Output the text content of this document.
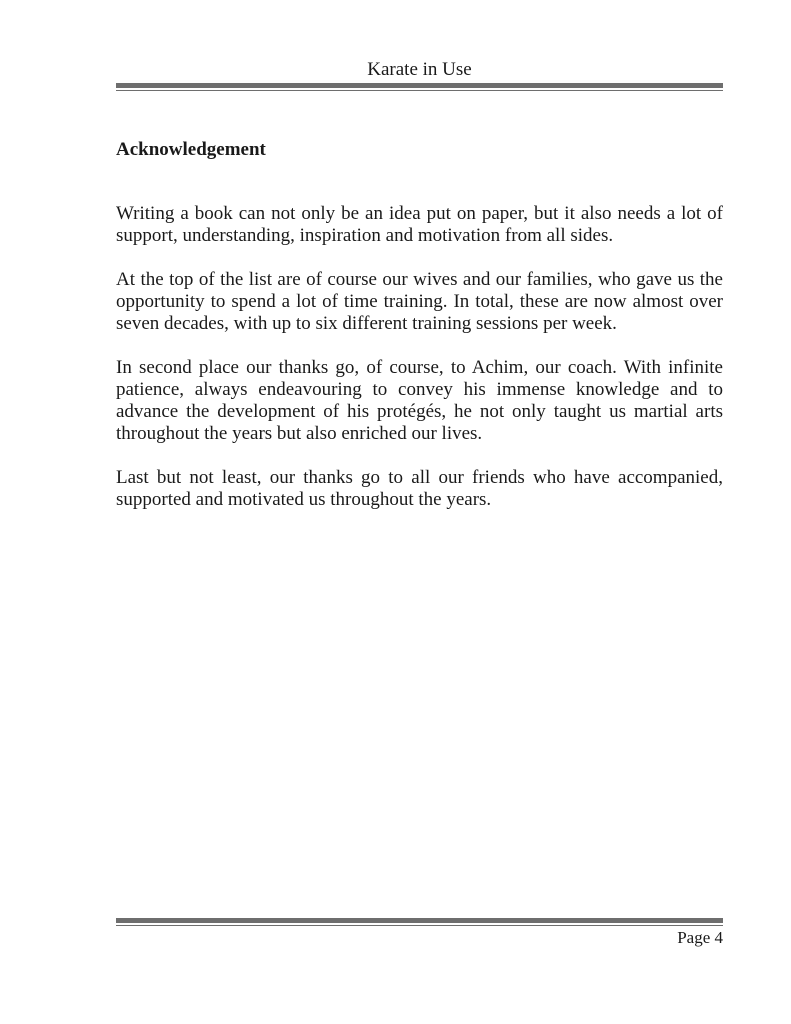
Karate in Use
Acknowledgement

Writing a book can not only be an idea put on paper, but it also needs a lot of support, understanding, inspiration and motivation from all sides.

At the top of the list are of course our wives and our families, who gave us the opportunity to spend a lot of time training. In total, these are now almost over seven decades, with up to six different training sessions per week.

In second place our thanks go, of course, to Achim, our coach. With infinite patience, always endeavouring to convey his immense knowledge and to advance the development of his protégés, he not only taught us martial arts throughout the years but also enriched our lives.

Last but not least, our thanks go to all our friends who have accompanied, supported and motivated us throughout the years.

Page 4
